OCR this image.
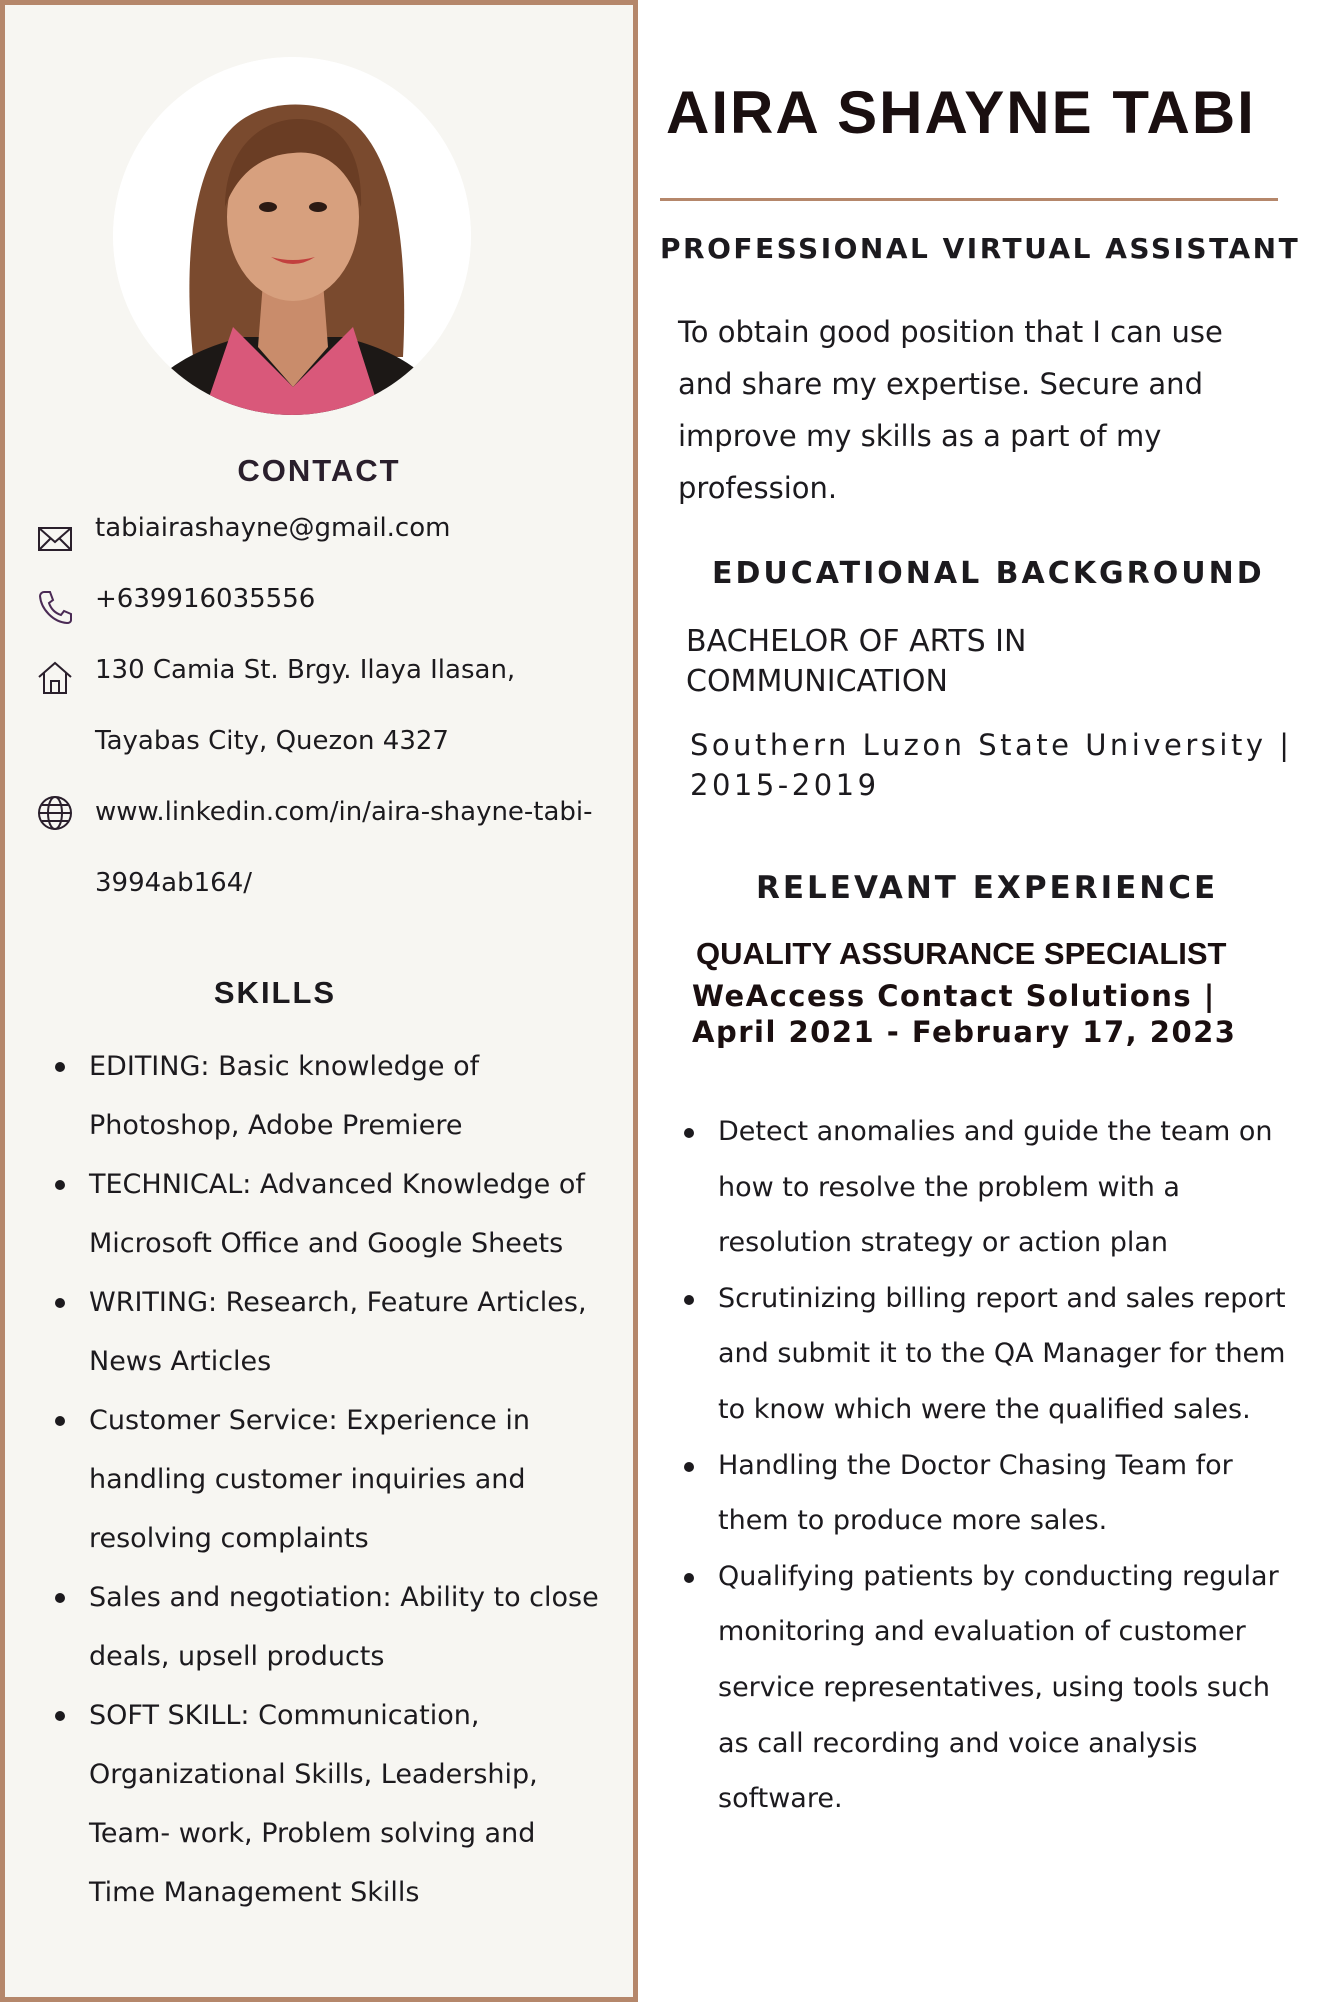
CONTACT
tabiairashayne@gmail.com
+639916035556
130 Camia St. Brgy. Ilaya Ilasan,
Tayabas City, Quezon 4327
www.linkedin.com/in/aira-shayne-tabi-
3994ab164/
SKILLS
EDITING: Basic knowledge of Photoshop, Adobe Premiere
TECHNICAL: Advanced Knowledge of Microsoft Office and Google Sheets
WRITING: Research, Feature Articles, News Articles
Customer Service: Experience in handling customer inquiries and resolving complaints
Sales and negotiation: Ability to close deals, upsell products
SOFT SKILL: Communication, Organizational Skills, Leadership, Team- work, Problem solving and Time Management Skills
AIRA SHAYNE TABI
PROFESSIONAL VIRTUAL ASSISTANT

To obtain good position that I can use and share my expertise. Secure and improve my skills as a part of my profession.

EDUCATIONAL BACKGROUND

BACHELOR OF ARTS IN COMMUNICATION

Southern Luzon State University | 2015-2019

RELEVANT EXPERIENCE
QUALITY ASSURANCE SPECIALIST

WeAccess Contact Solutions | April 2021 - February 17, 2023

Detect anomalies and guide the team on how to resolve the problem with a resolution strategy or action plan
Scrutinizing billing report and sales report and submit it to the QA Manager for them to know which were the qualified sales.
Handling the Doctor Chasing Team for them to produce more sales.
Qualifying patients by conducting regular monitoring and evaluation of customer service representatives, using tools such as call recording and voice analysis software.
